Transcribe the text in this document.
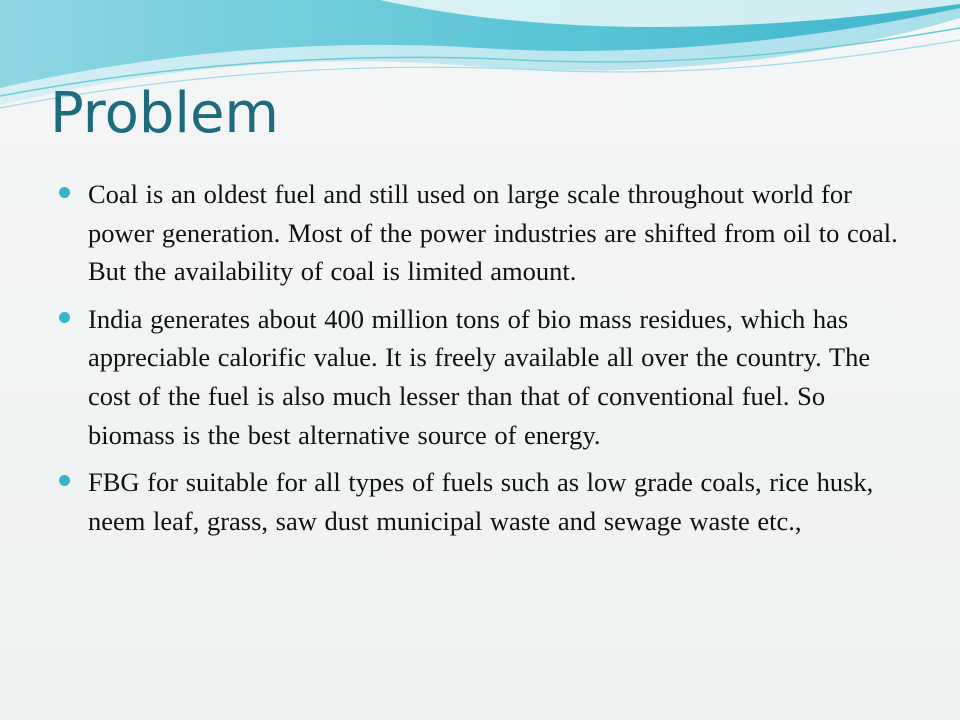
Problem
Coal is an oldest fuel and still used on large scale throughout world for power generation. Most of the power industries are shifted from oil to coal. But the availability of coal is limited amount.
India generates about 400 million tons of bio mass residues, which has appreciable calorific value. It is freely available all over the country. The cost of the fuel is also much lesser than that of conventional fuel. So biomass is the best alternative source of energy.
FBG for suitable for all types of fuels such as low grade coals, rice husk, neem leaf, grass, saw dust municipal waste and sewage waste etc.,
